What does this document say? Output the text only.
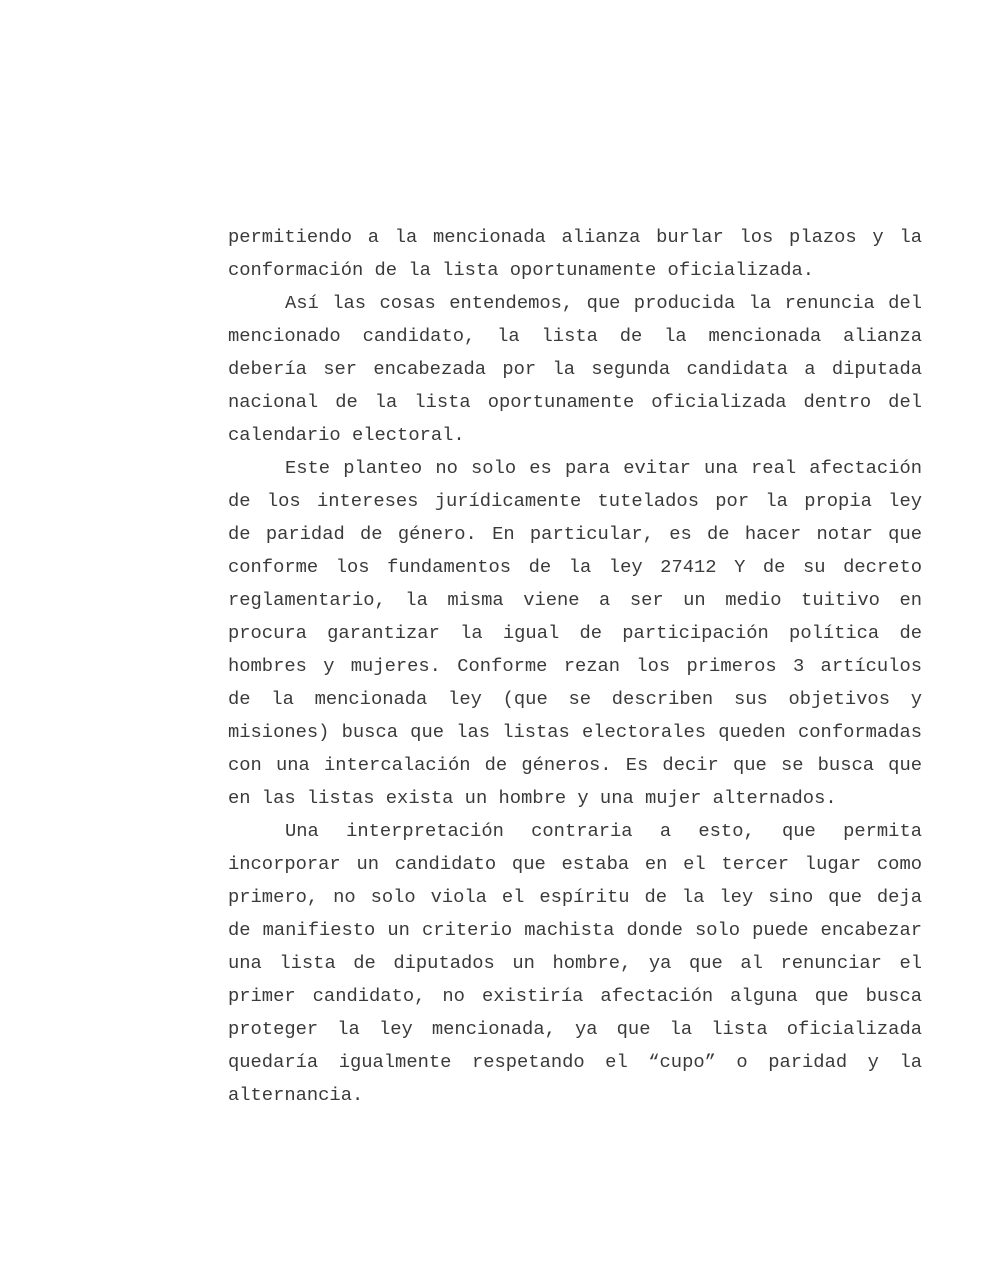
permitiendo a la mencionada alianza burlar los plazos y la
conformación de la lista oportunamente oficializada.
Así las cosas entendemos, que producida la renuncia del
mencionado candidato, la lista de la mencionada alianza
debería ser encabezada por la segunda candidata a diputada
nacional de la lista oportunamente oficializada dentro del
calendario electoral.
Este planteo no solo es para evitar una real afectación
de los intereses jurídicamente tutelados por la propia ley
de paridad de género. En particular, es de hacer notar que
conforme los fundamentos de la ley 27412 Y de su decreto
reglamentario, la misma viene a ser un medio tuitivo en
procura garantizar la igual de participación política de
hombres y mujeres. Conforme rezan los primeros 3 artículos
de la mencionada ley (que se describen sus objetivos y
misiones) busca que las listas electorales queden conformadas
con una intercalación de géneros. Es decir que se busca que
en las listas exista un hombre y una mujer alternados.
Una interpretación contraria a esto, que permita
incorporar un candidato que estaba en el tercer lugar como
primero, no solo viola el espíritu de la ley sino que deja
de manifiesto un criterio machista donde solo puede encabezar
una lista de diputados un hombre, ya que al renunciar el
primer candidato, no existiría afectación alguna que busca
proteger la ley mencionada, ya que la lista oficializada
quedaría igualmente respetando el “cupo” o paridad y la
alternancia.
